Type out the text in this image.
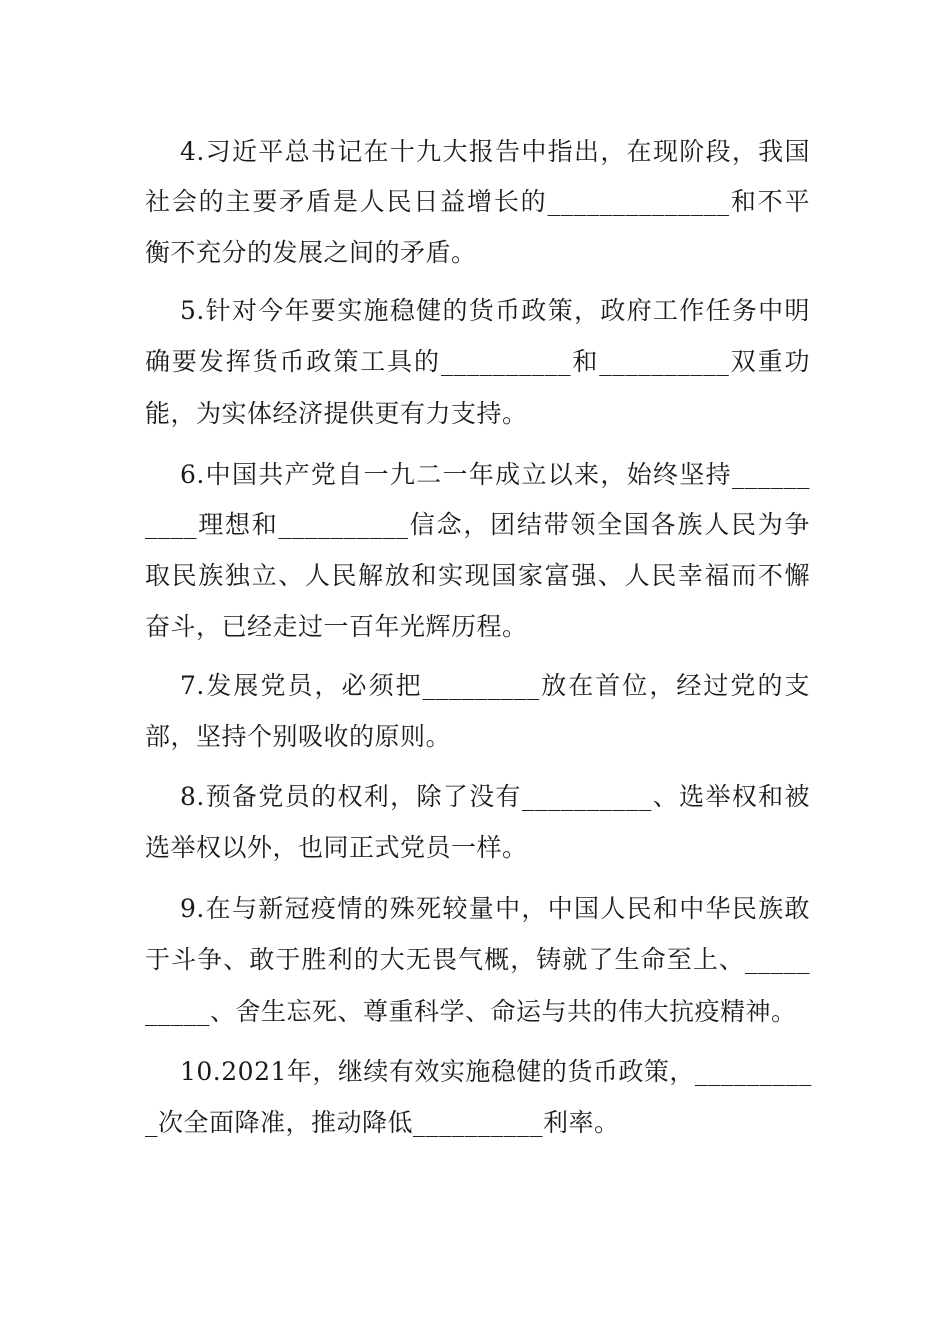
4.习近平总书记在十九大报告中指出，在现阶段，我国
社会的主要矛盾是人民日益增长的______________和不平
衡不充分的发展之间的矛盾。
5.针对今年要实施稳健的货币政策，政府工作任务中明
确要发挥货币政策工具的__________和__________双重功
能，为实体经济提供更有力支持。
6.中国共产党自一九二一年成立以来，始终坚持______
____理想和__________信念，团结带领全国各族人民为争
取民族独立、人民解放和实现国家富强、人民幸福而不懈
奋斗，已经走过一百年光辉历程。
7.发展党员，必须把_________放在首位，经过党的支
部，坚持个别吸收的原则。
8.预备党员的权利，除了没有__________、选举权和被
选举权以外，也同正式党员一样。
9.在与新冠疫情的殊死较量中，中国人民和中华民族敢
于斗争、敢于胜利的大无畏气概，铸就了生命至上、_____
_____、舍生忘死、尊重科学、命运与共的伟大抗疫精神。
10.2021年，继续有效实施稳健的货币政策，_________
_次全面降准，推动降低__________利率。
